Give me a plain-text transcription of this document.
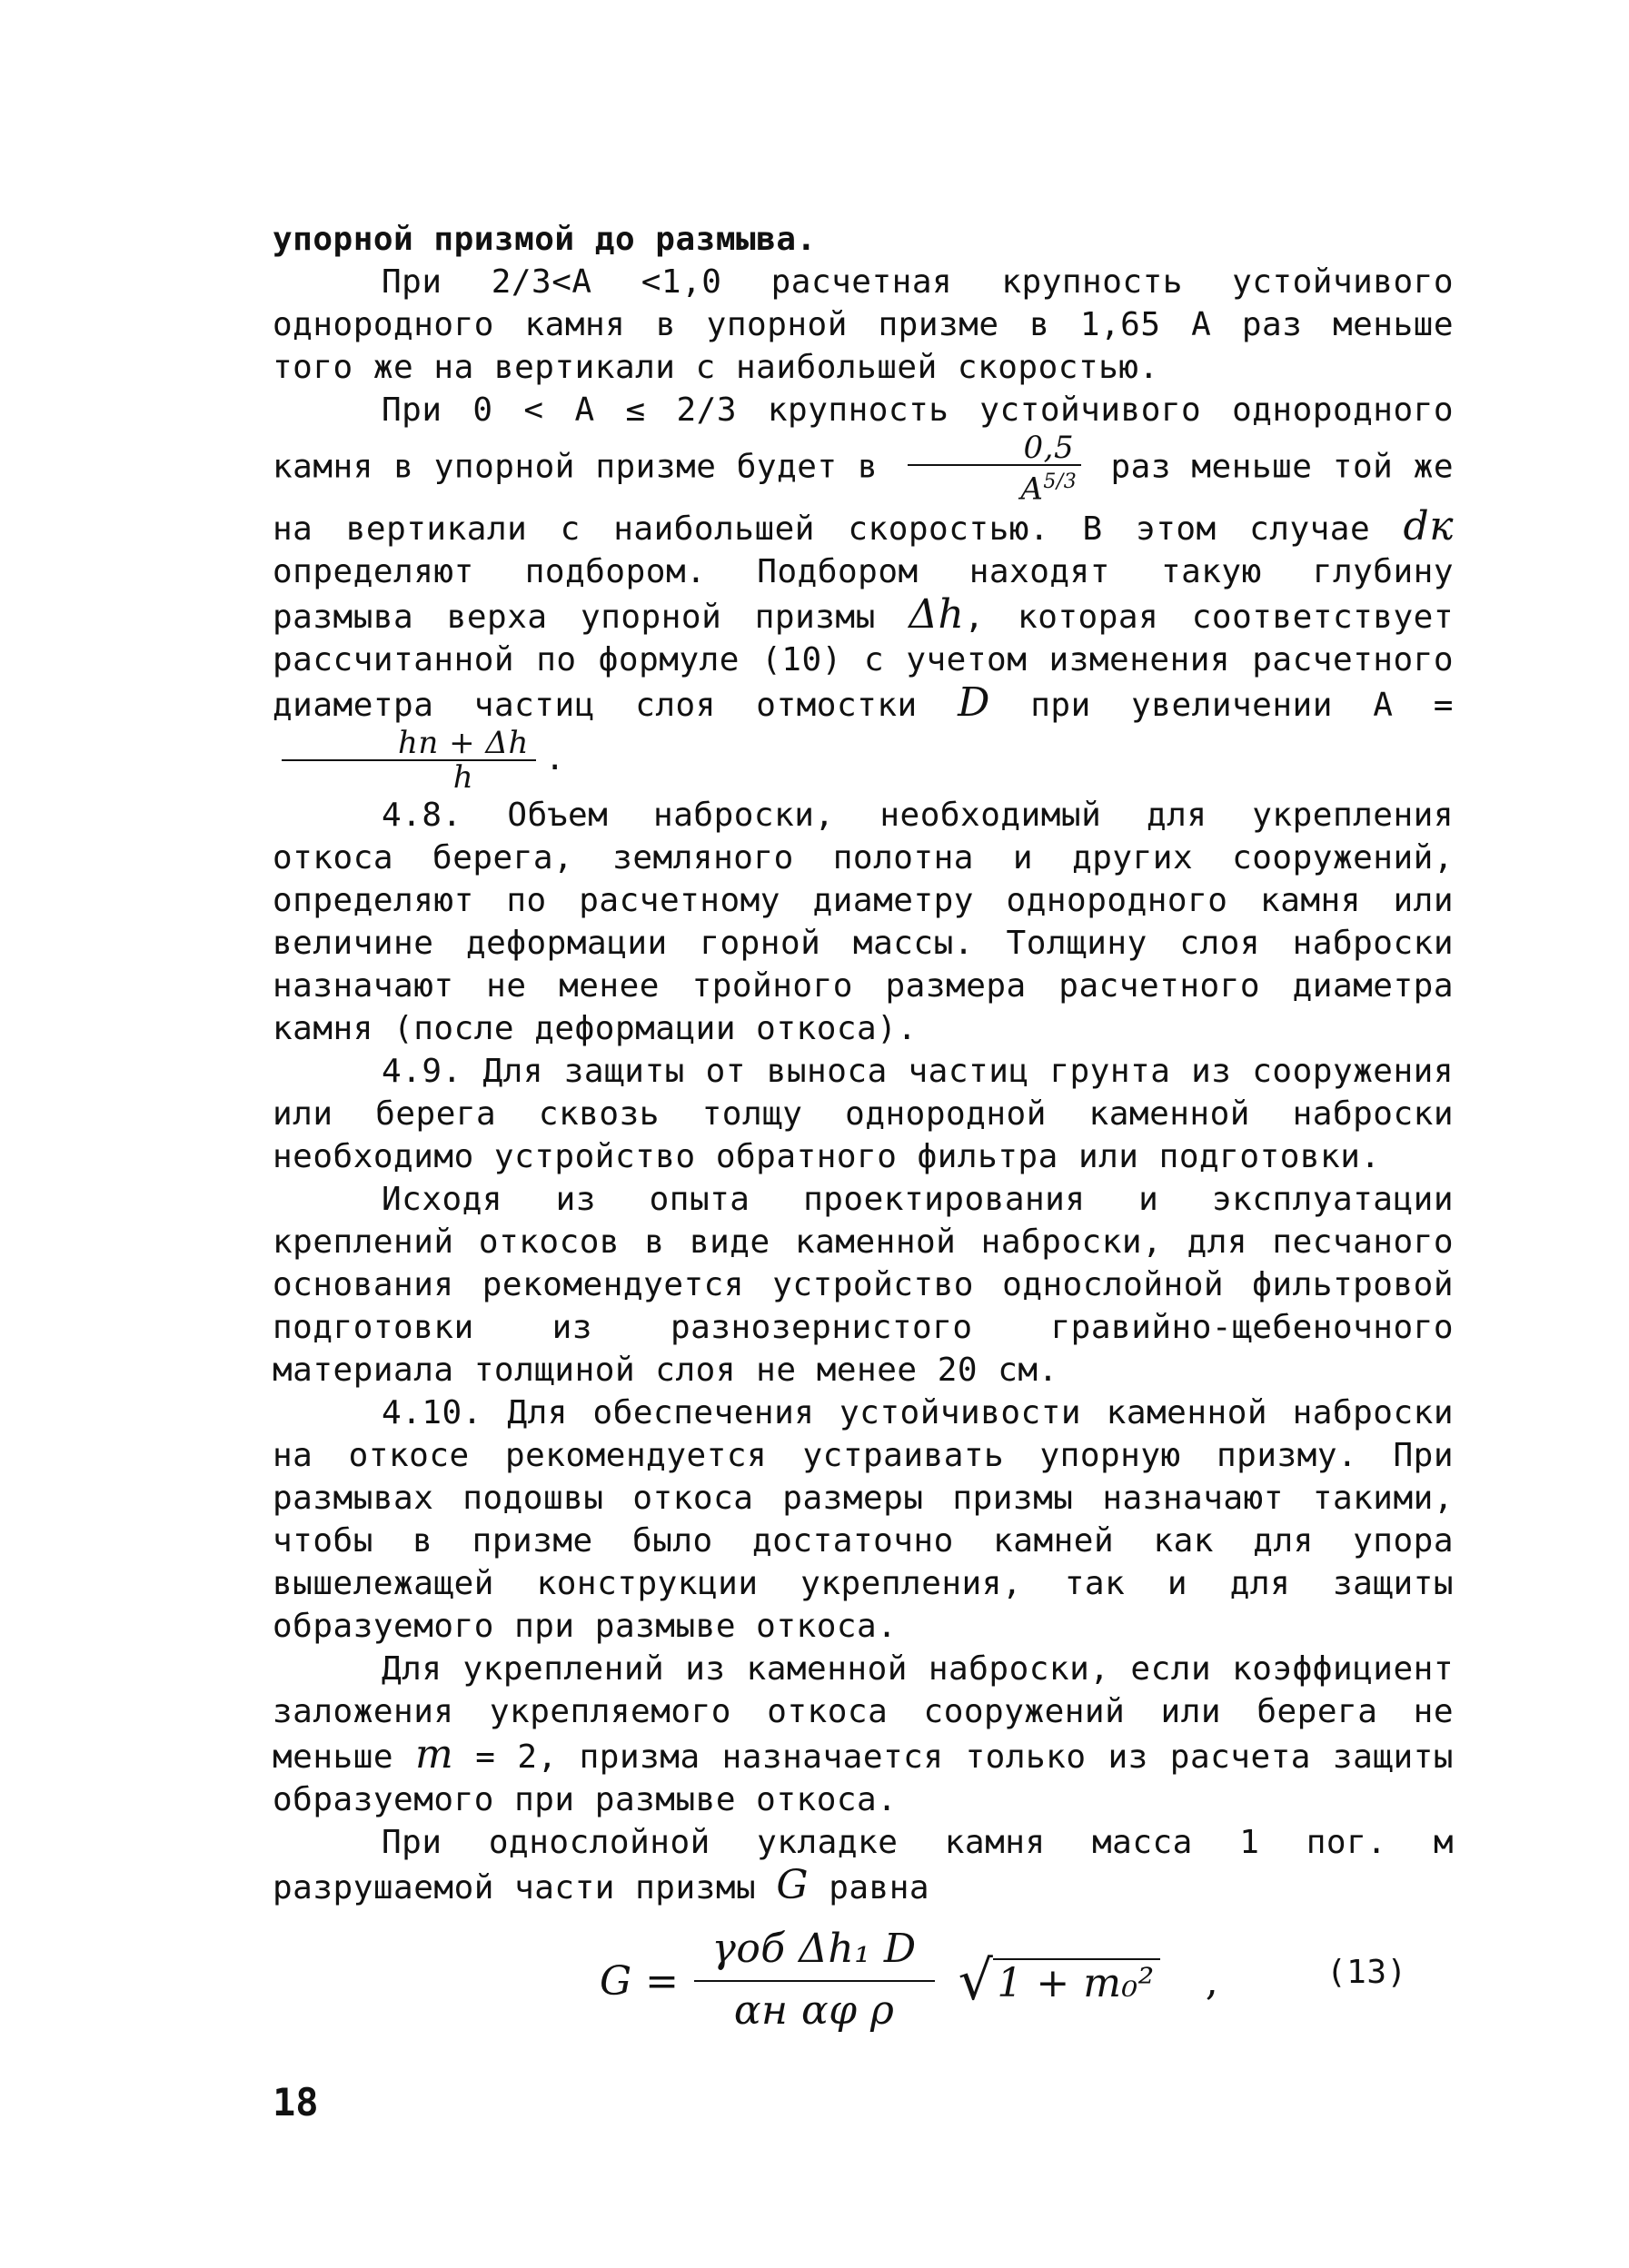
упорной призмой до размыва.

При 2/3<A <1,0 расчетная крупность устойчивого однородного камня в упорной призме в 1,65 A раз меньше того же на вертикали с наибольшей скоростью.

При 0 < A ≤ 2/3 крупность устойчивого однородного камня в упорной призме будет в $\frac{0,5}{A^{5/3}}$ раз меньше той же на вертикали с наибольшей скоростью. В этом случае dк определяют подбором. Подбором находят такую глубину размыва верха упорной призмы Δh, которая соответствует рассчитанной по формуле (10) с учетом изменения расчетного диаметра частиц слоя отмостки D при увеличении A =
$\frac{hп + \Delta h}{h}$ .

4.8. Объем наброски, необходимый для укрепления откоса берега, земляного полотна и других сооружений, определяют по расчетному диаметру однородного камня или величине деформации горной массы. Толщину слоя наброски назначают не менее тройного размера расчетного диаметра камня (после деформации откоса).

4.9. Для защиты от выноса частиц грунта из сооружения или берега сквозь толщу однородной каменной наброски необходимо устройство обратного фильтра или подготовки.

Исходя из опыта проектирования и эксплуатации креплений откосов в виде каменной наброски, для песчаного основания рекомендуется устройство однослойной фильтровой подготовки из разнозернистого гравийно-щебеночного материала толщиной слоя не менее 20 см.

4.10. Для обеспечения устойчивости каменной наброски на откосе рекомендуется устраивать упорную призму. При размывах подошвы откоса размеры призмы назначают такими, чтобы в призме было достаточно камней как для упора вышележащей конструкции укрепления, так и для защиты образуемого при размыве откоса.

Для укреплений из каменной наброски, если коэффициент заложения укрепляемого откоса сооружений или берега не меньше m = 2, призма назначается только из расчета защиты образуемого при размыве откоса.

При однослойной укладке камня масса 1 пог. м разрушаемой части призмы G равна

$G = \frac{\text{γоб Δh₁ D}}{\text{αн αφ ρ}}$ √ 1 + m₀² ,	(13)
18
